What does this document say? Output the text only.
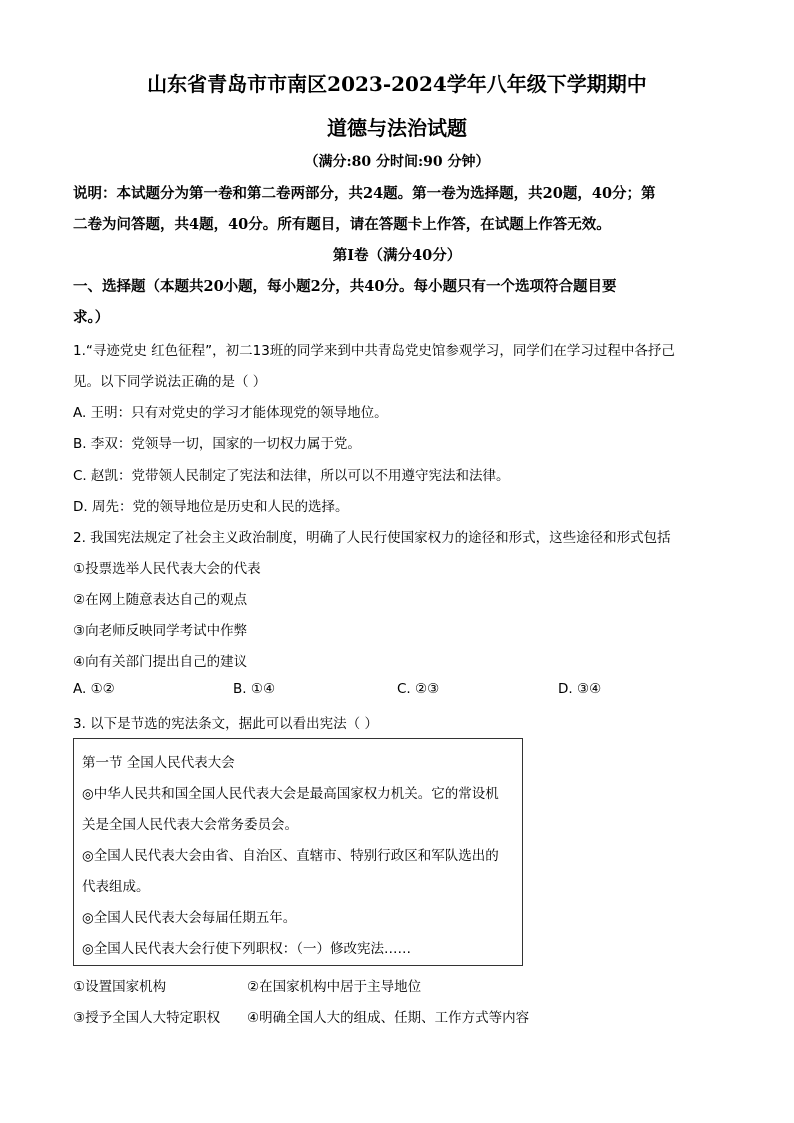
山东省青岛市市南区2023-2024学年八年级下学期期中
道德与法治试题
（满分:80 分时间:90 分钟）
说明：本试题分为第一卷和第二卷两部分，共24题。第一卷为选择题，共20题，40分；第
二卷为问答题，共4题，40分。所有题目，请在答题卡上作答，在试题上作答无效。
第Ⅰ卷（满分40分）
一、选择题（本题共20小题，每小题2分，共40分。每小题只有一个选项符合题目要
求。）
1.“寻迹党史 红色征程”，初二13班的同学来到中共青岛党史馆参观学习，同学们在学习过程中各抒己
见。以下同学说法正确的是（ ）
A. 王明：只有对党史的学习才能体现党的领导地位。
B. 李双：党领导一切，国家的一切权力属于党。
C. 赵凯：党带领人民制定了宪法和法律，所以可以不用遵守宪法和法律。
D. 周先：党的领导地位是历史和人民的选择。
2. 我国宪法规定了社会主义政治制度，明确了人民行使国家权力的途径和形式，这些途径和形式包括
①投票选举人民代表大会的代表
②在网上随意表达自己的观点
③向老师反映同学考试中作弊
④向有关部门提出自己的建议
A. ①②	B. ①④	C. ②③	D. ③④
3. 以下是节选的宪法条文，据此可以看出宪法（ ）
第一节 全国人民代表大会
◎中华人民共和国全国人民代表大会是最高国家权力机关。它的常设机
关是全国人民代表大会常务委员会。
◎全国人民代表大会由省、自治区、直辖市、特别行政区和军队选出的
代表组成。
◎全国人民代表大会每届任期五年。
◎全国人民代表大会行使下列职权：（一）修改宪法……
①设置国家机构	②在国家机构中居于主导地位
③授予全国人大特定职权 ④明确全国人大的组成、任期、工作方式等内容
